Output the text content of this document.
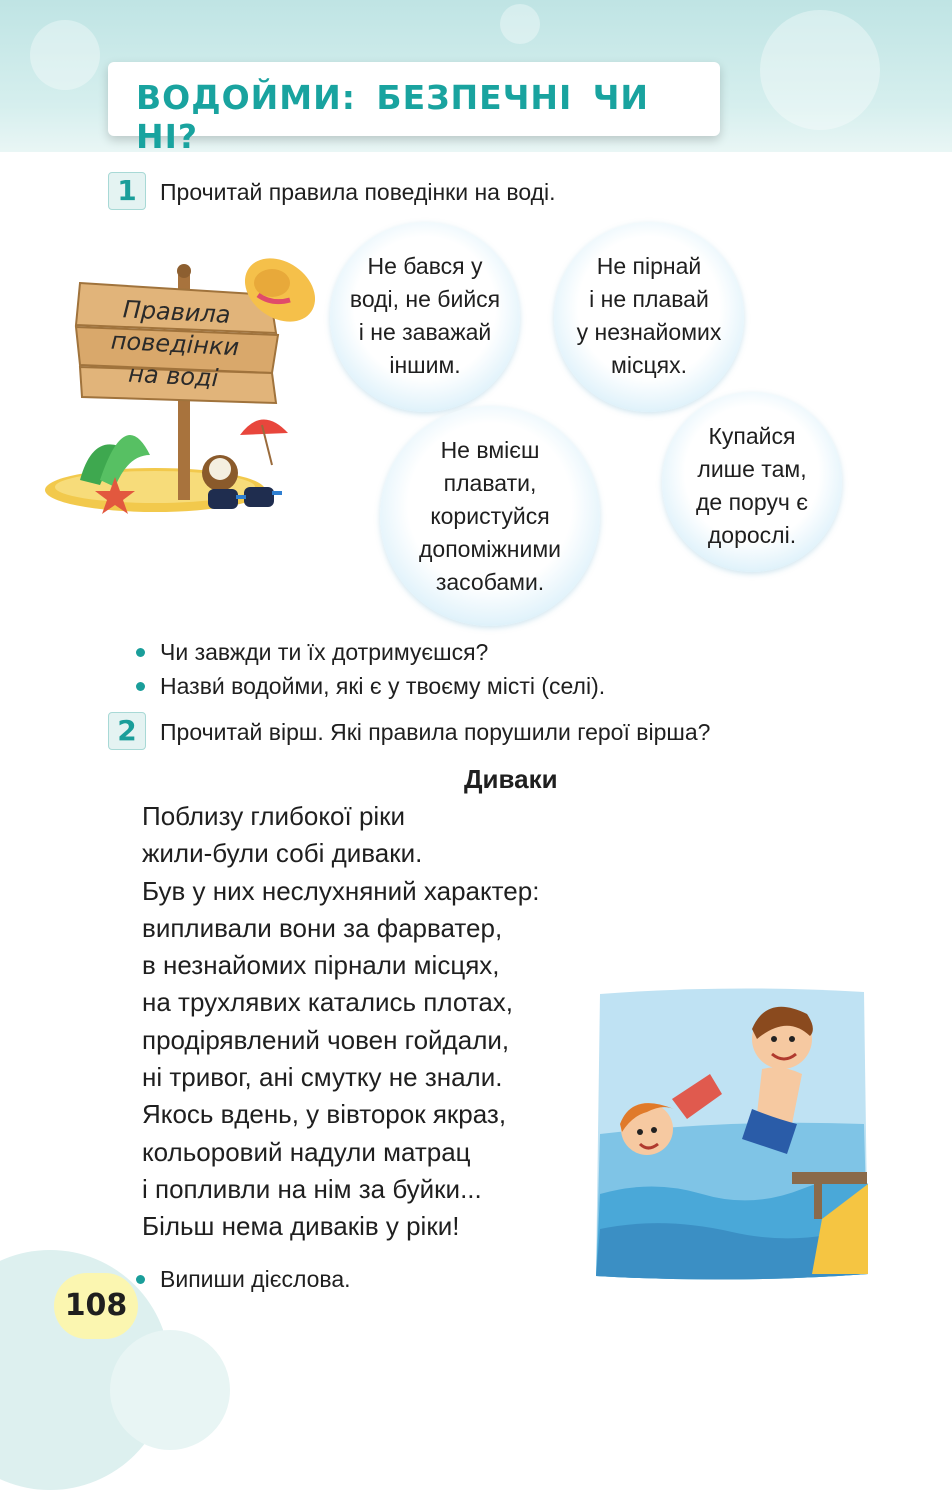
ВОДОЙМИ: БЕЗПЕЧНІ ЧИ НІ?
1	Прочитай правила поведінки на воді.
Правила
поведінки
на воді
Не бався у
воді, не бийся
і не заважай
іншим.
Не пірнай
і не плавай
у незнайомих
місцях.
Не вмієш
плавати,
користуйся
допоміжними
засобами.
Купайся
лише там,
де поруч є
дорослі.
Чи завжди ти їх дотримуєшся?
Назви́ водойми, які є у твоєму місті (селі).
2	Прочитай вірш. Які правила порушили герої вірша?
Диваки
Поблизу глибокої ріки
жили-були собі диваки.
Був у них неслухняний характер:
випливали вони за фарватер,
в незнайомих пірнали місцях,
на трухлявих катались плотах,
продірявлений човен гойдали,
ні тривог, ані смутку не знали.
Якось вдень, у вівторок якраз,
кольоровий надули матрац
і попливли на нім за буйки...
Більш нема диваків у ріки!
Випиши дієслова.
108
